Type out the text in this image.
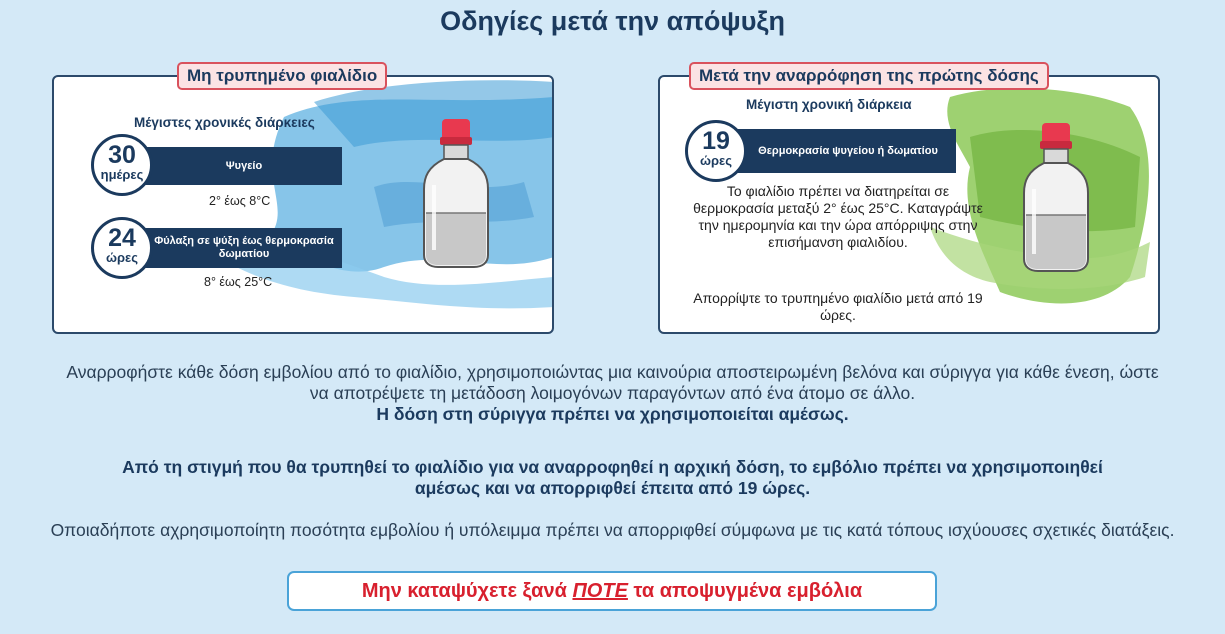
Οδηγίες μετά την απόψυξη
Μέγιστες χρονικές διάρκειες
30
ημέρες
Ψυγείο
2° έως 8°C
24
ώρες
Φύλαξη σε ψύξη έως θερμοκρασία δωματίου
8° έως 25°C
Μη τρυπημένο φιαλίδιο
Μέγιστη χρονική διάρκεια
19
ώρες
Θερμοκρασία ψυγείου ή δωματίου
Το φιαλίδιο πρέπει να διατηρείται σε θερμοκρασία μεταξύ 2° έως 25°C. Καταγράψτε την ημερομηνία και την ώρα απόρριψης στην επισήμανση φιαλιδίου.
Απορρίψτε το τρυπημένο φιαλίδιο μετά από 19 ώρες.
Μετά την αναρρόφηση της πρώτης δόσης
Αναρροφήστε κάθε δόση εμβολίου από το φιαλίδιο, χρησιμοποιώντας μια καινούρια αποστειρωμένη βελόνα και σύριγγα για κάθε ένεση, ώστε να αποτρέψετε τη μετάδοση λοιμογόνων παραγόντων από ένα άτομο σε άλλο.
Η δόση στη σύριγγα πρέπει να χρησιμοποιείται αμέσως.
Από τη στιγμή που θα τρυπηθεί το φιαλίδιο για να αναρροφηθεί η αρχική δόση, το εμβόλιο πρέπει να χρησιμοποιηθεί αμέσως και να απορριφθεί έπειτα από 19 ώρες.
Οποιαδήποτε αχρησιμοποίητη ποσότητα εμβολίου ή υπόλειμμα πρέπει να απορριφθεί σύμφωνα με τις κατά τόπους ισχύουσες σχετικές διατάξεις.
Μην καταψύχετε ξανά ΠΟΤΕ τα αποψυγμένα εμβόλια
